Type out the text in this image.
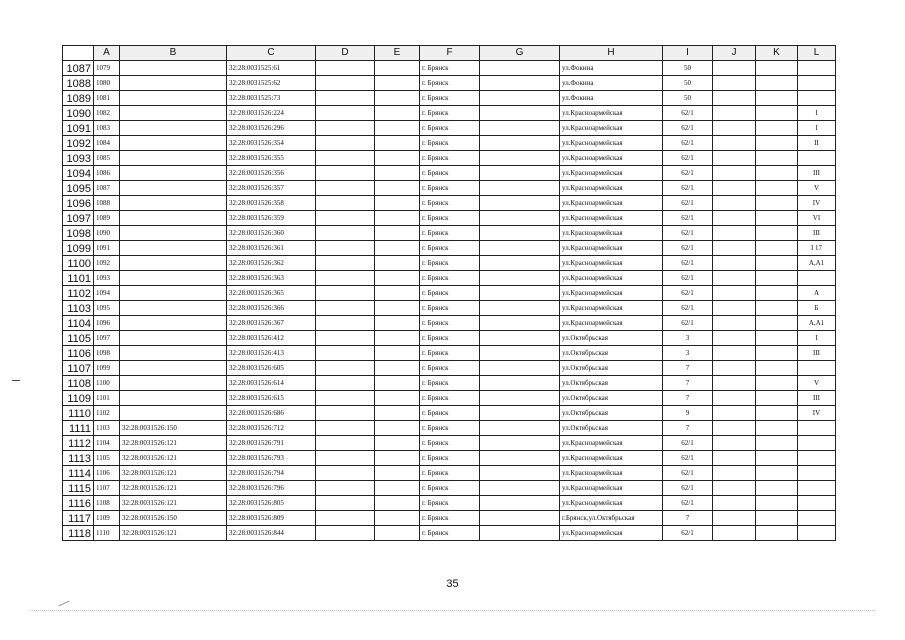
	A	B	C	D	E	F	G	H	I	J	K	L
1087	1079		32:28:0031525:61			г. Брянск		ул.Фокина	50			
1088	1080		32:28:0031525:62			г. Брянск		ул.Фокина	50			
1089	1081		32:28:0031525:73			г. Брянск		ул.Фокина	50			
1090	1082		32:28:0031526:224			г. Брянск		ул.Красноармейская	62/1			I
1091	1083		32:28:0031526:296			г. Брянск		ул.Красноармейская	62/1			I
1092	1084		32:28:0031526:354			г. Брянск		ул.Красноармейская	62/1			II
1093	1085		32:28:0031526:355			г. Брянск		ул.Красноармейская	62/1			
1094	1086		32:28:0031526:356			г. Брянск		ул.Красноармейская	62/1			III
1095	1087		32:28:0031526:357			г. Брянск		ул.Красноармейская	62/1			V
1096	1088		32:28:0031526:358			г. Брянск		ул.Красноармейская	62/1			IV
1097	1089		32:28:0031526:359			г. Брянск		ул.Красноармейская	62/1			VI
1098	1090		32:28:0031526:360			г. Брянск		ул.Красноармейская	62/1			III
1099	1091		32:28:0031526:361			г. Брянск		ул.Красноармейская	62/1			I 17
1100	1092		32:28:0031526:362			г. Брянск		ул.Красноармейская	62/1			А,А1
1101	1093		32:28:0031526:363			г. Брянск		ул.Красноармейская	62/1			
1102	1094		32:28:0031526:365			г. Брянск		ул.Красноармейская	62/1			А
1103	1095		32:28:0031526:366			г. Брянск		ул.Красноармейская	62/1			Б
1104	1096		32:28:0031526:367			г. Брянск		ул.Красноармейская	62/1			А,А1
1105	1097		32:28:0031526:412			г. Брянск		ул.Октябрьская	3			I
1106	1098		32:28:0031526:413			г. Брянск		ул.Октябрьская	3			III
1107	1099		32:28:0031526:605			г. Брянск		ул.Октябрьская	7			
1108	1100		32:28:0031526:614			г. Брянск		ул.Октябрьская	7			V
1109	1101		32:28:0031526:615			г. Брянск		ул.Октябрьская	7			III
1110	1102		32:28:0031526:686			г. Брянск		ул.Октябрьская	9			IV
1111	1103	32:28:0031526:150	32:28:0031526:712			г. Брянск		ул.Октябрьская	7			
1112	1104	32:28:0031526:121	32:28:0031526:791			г. Брянск		ул.Красноармейская	62/1			
1113	1105	32:28:0031526:121	32:28:0031526:793			г. Брянск		ул.Красноармейская	62/1			
1114	1106	32:28:0031526:121	32:28:0031526:794			г. Брянск		ул.Красноармейская	62/1			
1115	1107	32:28:0031526:121	32:28:0031526:796			г. Брянск		ул.Красноармейская	62/1			
1116	1108	32:28:0031526:121	32:28:0031526:805			г. Брянск		ул.Красноармейская	62/1			
1117	1109	32:28:0031526:150	32:28:0031526:809			г. Брянск		г.Брянск,ул.Октябрьская	7			
1118	1110	32:28:0031526:121	32:28:0031526:844			г. Брянск		ул.Красноармейская	62/1			
35
